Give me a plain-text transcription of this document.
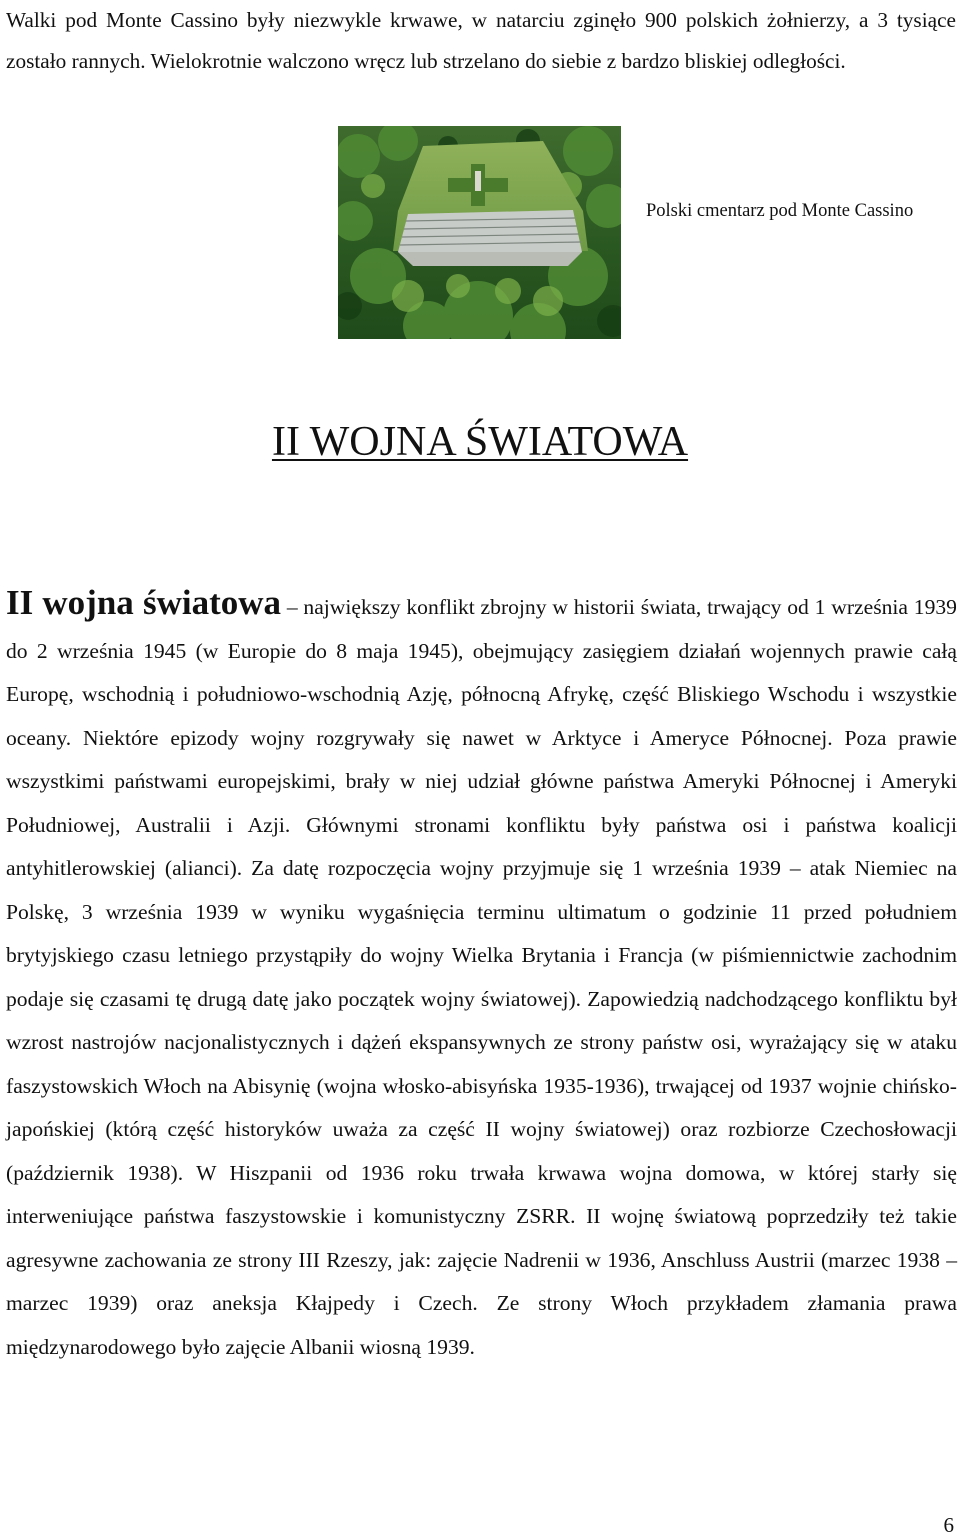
Walki pod Monte Cassino były niezwykle krwawe, w natarciu zginęło 900 polskich żołnierzy, a 3 tysiące zostało rannych. Wielokrotnie walczono wręcz lub strzelano do siebie z bardzo bliskiej odległości.

Polski cmentarz pod Monte Cassino
II WOJNA ŚWIATOWA

II wojna światowa – największy konflikt zbrojny w historii świata, trwający od 1 września 1939 do 2 września 1945 (w Europie do 8 maja 1945), obejmujący zasięgiem działań wojennych prawie całą Europę, wschodnią i południowo-wschodnią Azję, północną Afrykę, część Bliskiego Wschodu i wszystkie oceany. Niektóre epizody wojny rozgrywały się nawet w Arktyce i Ameryce Północnej. Poza prawie wszystkimi państwami europejskimi, brały w niej udział główne państwa Ameryki Północnej i Ameryki Południowej, Australii i Azji. Głównymi stronami konfliktu były państwa osi i państwa koalicji antyhitlerowskiej (alianci). Za datę rozpoczęcia wojny przyjmuje się 1 września 1939 – atak Niemiec na Polskę, 3 września 1939 w wyniku wygaśnięcia terminu ultimatum o godzinie 11 przed południem brytyjskiego czasu letniego przystąpiły do wojny Wielka Brytania i Francja (w piśmiennictwie zachodnim podaje się czasami tę drugą datę jako początek wojny światowej). Zapowiedzią nadchodzącego konfliktu był wzrost nastrojów nacjonalistycznych i dążeń ekspansywnych ze strony państw osi, wyrażający się w ataku faszystowskich Włoch na Abisynię (wojna włosko-abisyńska 1935-1936), trwającej od 1937 wojnie chińsko-japońskiej (którą część historyków uważa za część II wojny światowej) oraz rozbiorze Czechosłowacji (październik 1938). W Hiszpanii od 1936 roku trwała krwawa wojna domowa, w której starły się interweniujące państwa faszystowskie i komunistyczny ZSRR. II wojnę światową poprzedziły też takie agresywne zachowania ze strony III Rzeszy, jak: zajęcie Nadrenii w 1936, Anschluss Austrii (marzec 1938 – marzec 1939) oraz aneksja Kłajpedy i Czech. Ze strony Włoch przykładem złamania prawa międzynarodowego było zajęcie Albanii wiosną 1939.

6
